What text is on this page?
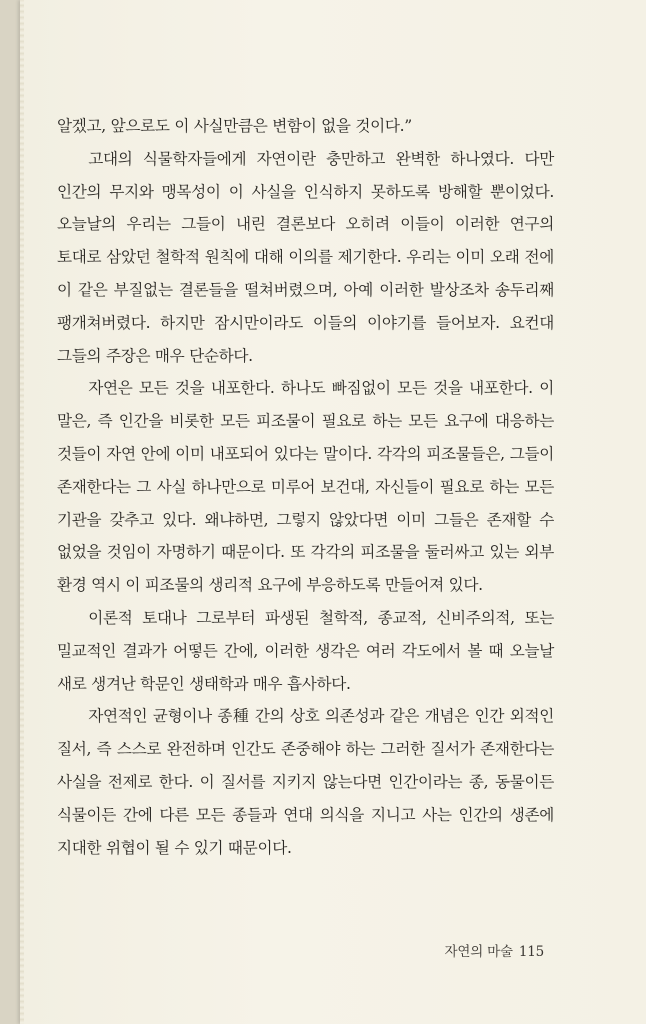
알겠고, 앞으로도 이 사실만큼은 변함이 없을 것이다.”

고대의 식물학자들에게 자연이란 충만하고 완벽한 하나였다. 다만 인간의 무지와 맹목성이 이 사실을 인식하지 못하도록 방해할 뿐이었다. 오늘날의 우리는 그들이 내린 결론보다 오히려 이들이 이러한 연구의 토대로 삼았던 철학적 원칙에 대해 이의를 제기한다. 우리는 이미 오래 전에 이 같은 부질없는 결론들을 떨쳐버렸으며, 아예 이러한 발상조차 송두리째 팽개쳐버렸다. 하지만 잠시만이라도 이들의 이야기를 들어보자. 요컨대 그들의 주장은 매우 단순하다.

자연은 모든 것을 내포한다. 하나도 빠짐없이 모든 것을 내포한다. 이 말은, 즉 인간을 비롯한 모든 피조물이 필요로 하는 모든 요구에 대응하는 것들이 자연 안에 이미 내포되어 있다는 말이다. 각각의 피조물들은, 그들이 존재한다는 그 사실 하나만으로 미루어 보건대, 자신들이 필요로 하는 모든 기관을 갖추고 있다. 왜냐하면, 그렇지 않았다면 이미 그들은 존재할 수 없었을 것임이 자명하기 때문이다. 또 각각의 피조물을 둘러싸고 있는 외부 환경 역시 이 피조물의 생리적 요구에 부응하도록 만들어져 있다.

이론적 토대나 그로부터 파생된 철학적, 종교적, 신비주의적, 또는 밀교적인 결과가 어떻든 간에, 이러한 생각은 여러 각도에서 볼 때 오늘날 새로 생겨난 학문인 생태학과 매우 흡사하다.

자연적인 균형이나 종種 간의 상호 의존성과 같은 개념은 인간 외적인 질서, 즉 스스로 완전하며 인간도 존중해야 하는 그러한 질서가 존재한다는 사실을 전제로 한다. 이 질서를 지키지 않는다면 인간이라는 종, 동물이든 식물이든 간에 다른 모든 종들과 연대 의식을 지니고 사는 인간의 생존에 지대한 위협이 될 수 있기 때문이다.

자연의 마술 115
